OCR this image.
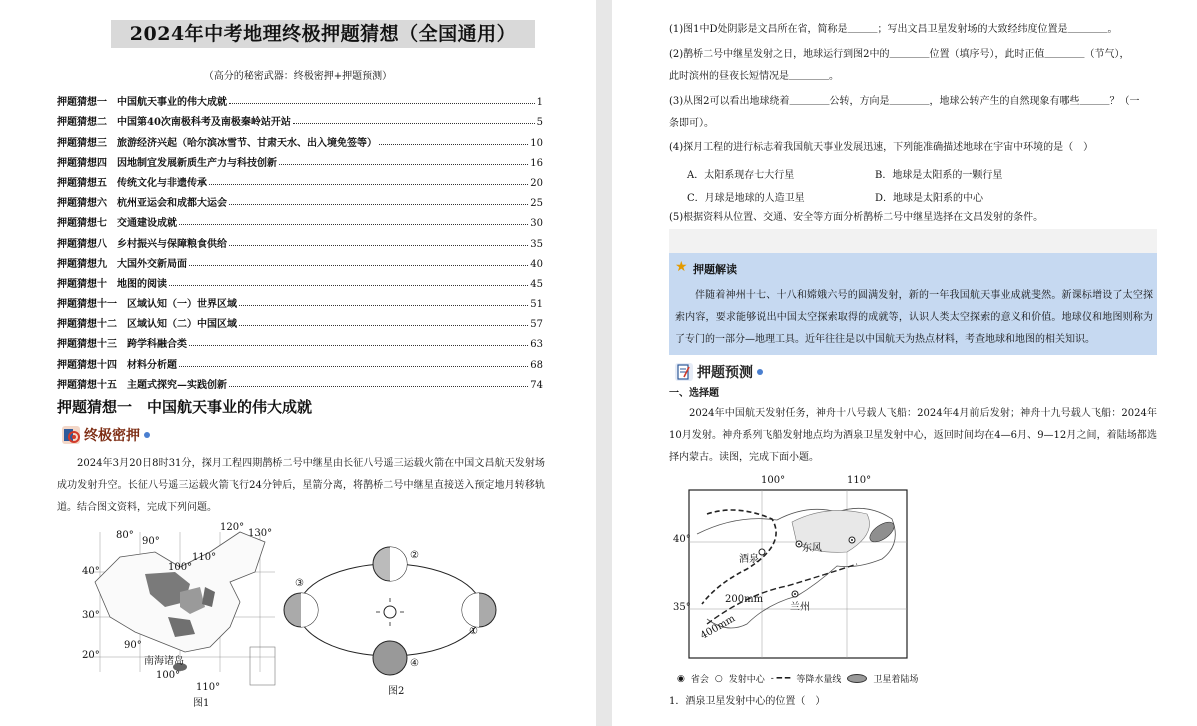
2024年中考地理终极押题猜想（全国通用）
（高分的秘密武器：终极密押+押题预测）
押题猜想一　中国航天事业的伟大成就	1
押题猜想二　中国第40次南极科考及南极秦岭站开站	5
押题猜想三　旅游经济兴起（哈尔滨冰雪节、甘肃天水、出入境免签等）	10
押题猜想四　因地制宜发展新质生产力与科技创新	16
押题猜想五　传统文化与非遗传承	20
押题猜想六　杭州亚运会和成都大运会	25
押题猜想七　交通建设成就	30
押题猜想八　乡村振兴与保障粮食供给	35
押题猜想九　大国外交新局面	40
押题猜想十　地图的阅读	45
押题猜想十一　区域认知（一）世界区域	51
押题猜想十二　区域认知（二）中国区域	57
押题猜想十三　跨学科融合类	63
押题猜想十四　材料分析题	68
押题猜想十五　主题式探究—实践创新	74
押题猜想一　中国航天事业的伟大成就
终极密押
2024年3月20日8时31分，探月工程四期鹊桥二号中继星由长征八号遥三运载火箭在中国文昌航天发射场成功发射升空。长征八号遥三运载火箭飞行24分钟后，星箭分离，将鹊桥二号中继星直接送入预定地月转移轨道。结合图文资料，完成下列问题。
80°
90°
100°
110°
120°
130°
40°
30°
90°
100°
110°
20°
南海诸岛
图1
②
③
①
④
图2
(1)图1中D处阴影是文昌所在省，简称是＿＿＿；写出文昌卫星发射场的大致经纬度位置是＿＿＿＿。
(2)鹊桥二号中继星发射之日，地球运行到图2中的＿＿＿＿位置（填序号），此时正值＿＿＿＿（节气），
此时滨州的昼夜长短情况是＿＿＿＿。
(3)从图2可以看出地球绕着＿＿＿＿公转，方向是＿＿＿＿，地球公转产生的自然现象有哪些＿＿＿？（一
条即可）。
(4)探月工程的进行标志着我国航天事业发展迅速，下列能准确描述地球在宇宙中环境的是（　）
A．太阳系现存七大行星	B．地球是太阳系的一颗行星
C．月球是地球的人造卫星	D．地球是太阳系的中心
(5)根据资料从位置、交通、安全等方面分析鹊桥二号中继星选择在文昌发射的条件。
★ 押题解读
伴随着神州十七、十八和嫦娥六号的圆满发射，新的一年我国航天事业成就斐然。新课标增设了太空探索内容，要求能够说出中国太空探索取得的成就等，认识人类太空探索的意义和价值。地球仪和地图则称为了专门的一部分—地理工具。近年往往是以中国航天为热点材料，考查地球和地图的相关知识。
押题预测
一、选择题
2024年中国航天发射任务，神舟十八号载人飞船：2024年4月前后发射；神舟十九号载人飞船：2024年10月发射。神舟系列飞船发射地点均为酒泉卫星发射中心，返回时间均在4—6月、9—12月之间，着陆场都选择内蒙古。读图，完成下面小题。
100°	110°
40°
35°
酒泉
东风
兰州
200mm
400mm
◉ 省会 ○ 发射中心 - ━ ━ 等降水量线	卫星着陆场
1．酒泉卫星发射中心的位置（　）
